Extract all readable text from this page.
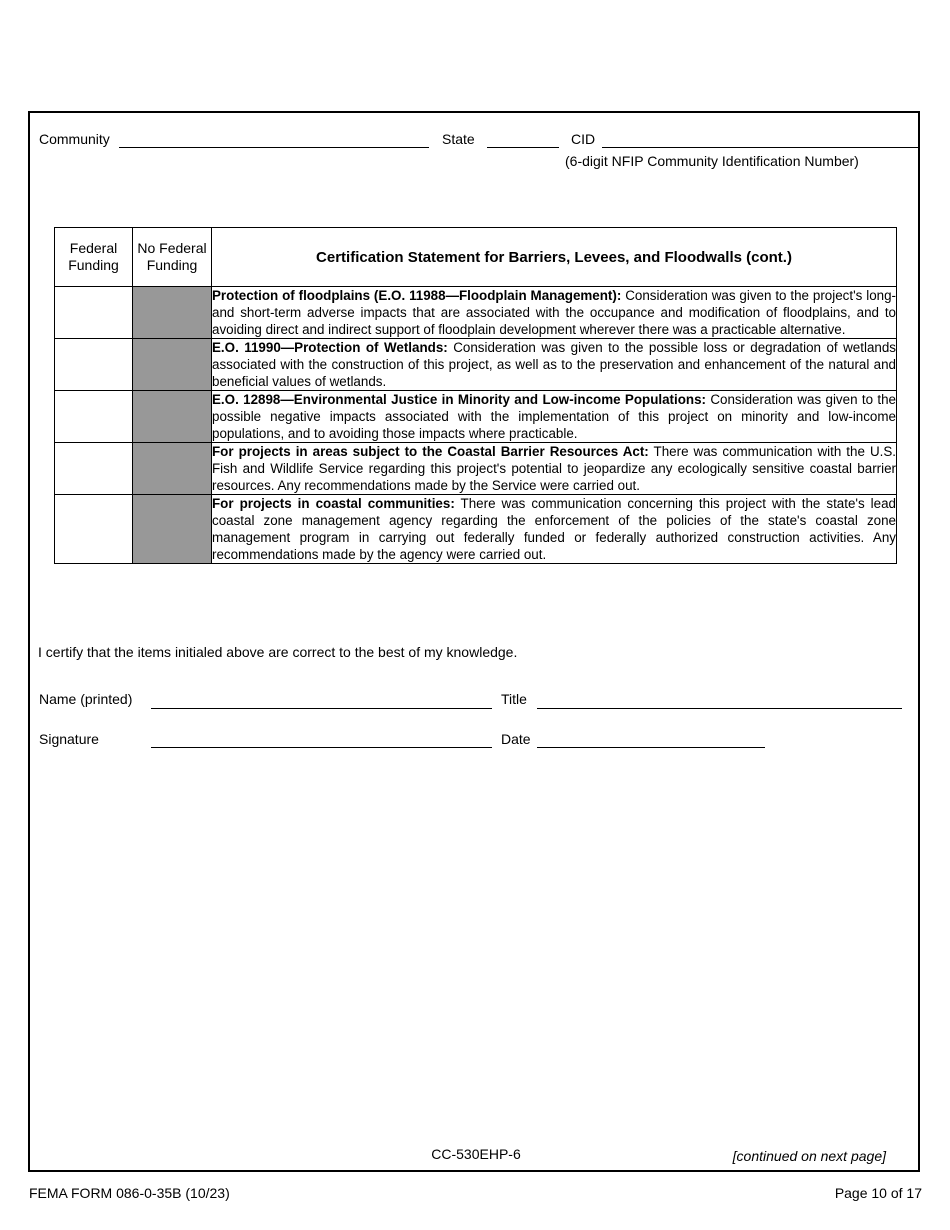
Community	State	CID
(6-digit NFIP Community Identification Number)
Federal Funding	No Federal Funding	Certification Statement for Barriers, Levees, and Floodwalls (cont.)
		Protection of floodplains (E.O. 11988—Floodplain Management): Consideration was given to the project's long- and short-term adverse impacts that are associated with the occupance and modification of floodplains, and to avoiding direct and indirect support of floodplain development wherever there was a practicable alternative.
		E.O. 11990—Protection of Wetlands: Consideration was given to the possible loss or degradation of wetlands associated with the construction of this project, as well as to the preservation and enhancement of the natural and beneficial values of wetlands.
		E.O. 12898—Environmental Justice in Minority and Low-income Populations: Consideration was given to the possible negative impacts associated with the implementation of this project on minority and low-income populations, and to avoiding those impacts where practicable.
		For projects in areas subject to the Coastal Barrier Resources Act: There was communication with the U.S. Fish and Wildlife Service regarding this project's potential to jeopardize any ecologically sensitive coastal barrier resources. Any recommendations made by the Service were carried out.
		For projects in coastal communities: There was communication concerning this project with the state's lead coastal zone management agency regarding the enforcement of the policies of the state's coastal zone management program in carrying out federally funded or federally authorized construction activities. Any recommendations made by the agency were carried out.
I certify that the items initialed above are correct to the best of my knowledge.
Name (printed)	Title
Signature	Date
CC-530EHP-6	[continued on next page]
FEMA FORM 086-0-35B (10/23)	Page 10 of 17
